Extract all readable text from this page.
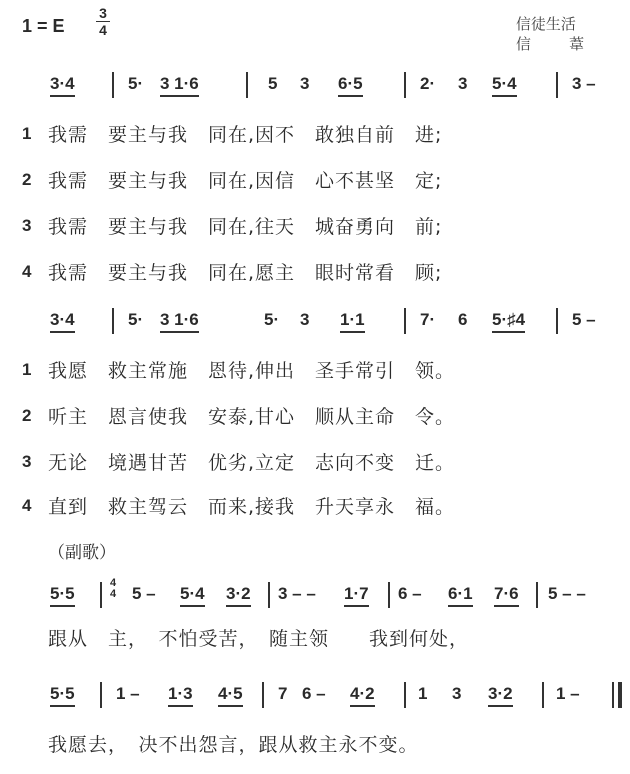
1 = E
3
4	信徒生活
信        葦
3·4	5· 3 1·6	5 3 6·5	2· 3 5·4	3 –
1 我需　要主与我　同在,因不　敢独自前　进;
2 我需　要主与我　同在,因信　心不甚坚　定;
3 我需　要主与我　同在,往天　城奋勇向　前;
4 我需　要主与我　同在,愿主　眼时常看　顾;
3·4	5· 3 1·6	5· 3 1·1	7· 6 5·♯4	5 –
1 我愿　救主常施　恩待,伸出　圣手常引　领。
2 听主　恩言使我　安泰,甘心　顺从主命　令。
3 无论　境遇甘苦　优劣,立定　志向不变　迁。
4 直到　救主驾云　而来,接我　升天享永　福。
（副歌）
5·5
4
4 5 – 5·4 3·2 3 – – 1·7 6 – 6·1 7·6 5 – –
跟从　主，　不怕受苦，　随主领　　我到何处，
5·5 1 – 1·3 4·5 7 6 – 4·2	1 3 3·2	1 –
我愿去，　决不出怨言，跟从救主永不变。
